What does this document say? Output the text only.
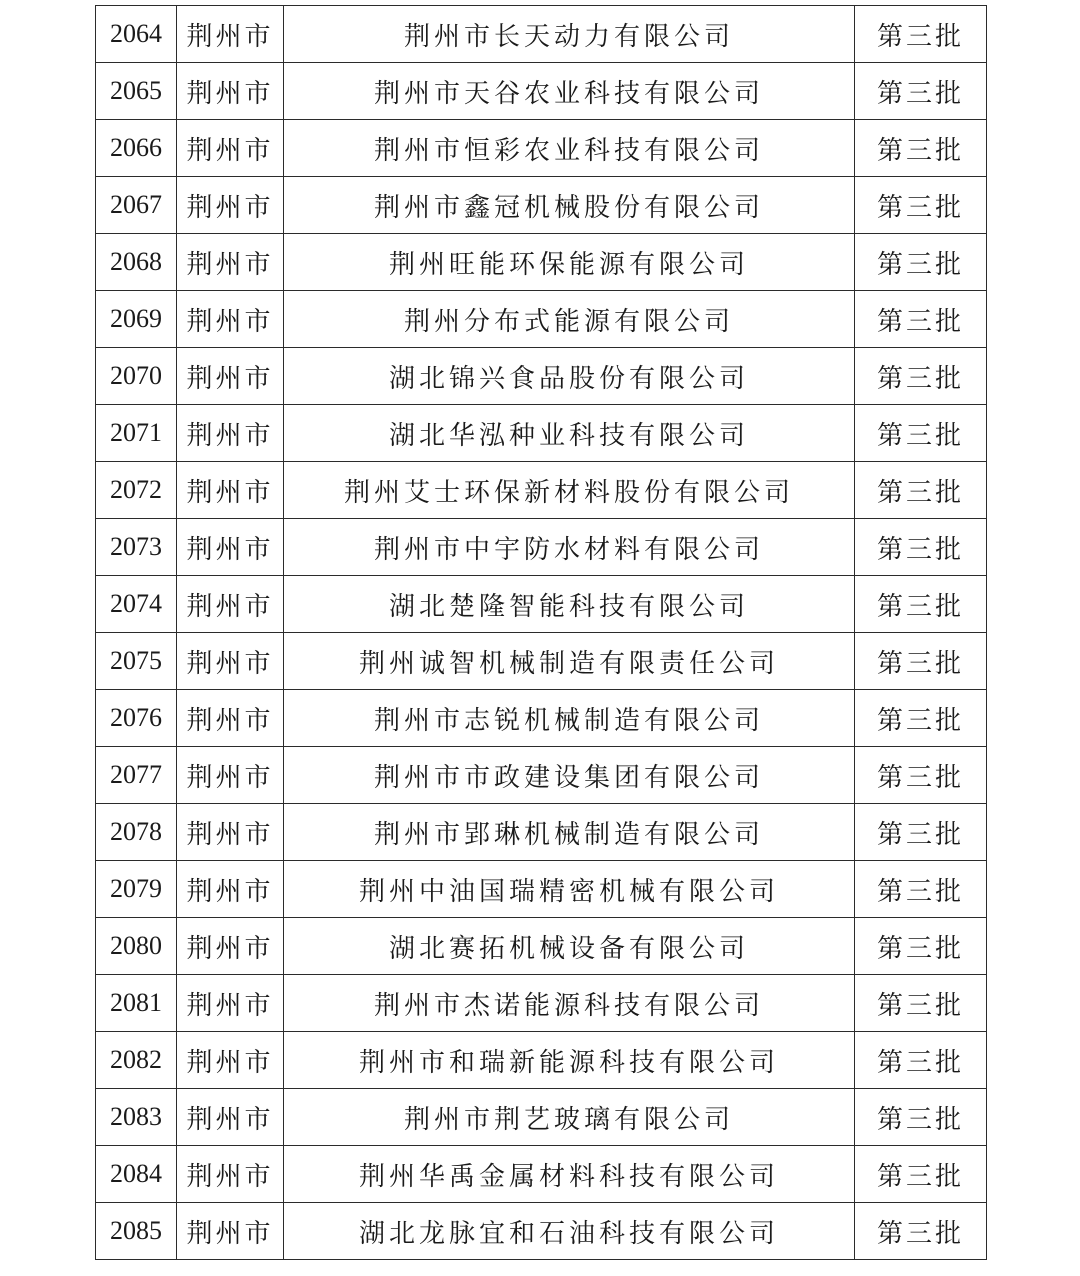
2064	荆州市	荆州市长天动力有限公司	第三批
2065	荆州市	荆州市天谷农业科技有限公司	第三批
2066	荆州市	荆州市恒彩农业科技有限公司	第三批
2067	荆州市	荆州市鑫冠机械股份有限公司	第三批
2068	荆州市	荆州旺能环保能源有限公司	第三批
2069	荆州市	荆州分布式能源有限公司	第三批
2070	荆州市	湖北锦兴食品股份有限公司	第三批
2071	荆州市	湖北华泓种业科技有限公司	第三批
2072	荆州市	荆州艾士环保新材料股份有限公司	第三批
2073	荆州市	荆州市中宇防水材料有限公司	第三批
2074	荆州市	湖北楚隆智能科技有限公司	第三批
2075	荆州市	荆州诚智机械制造有限责任公司	第三批
2076	荆州市	荆州市志锐机械制造有限公司	第三批
2077	荆州市	荆州市市政建设集团有限公司	第三批
2078	荆州市	荆州市郢琳机械制造有限公司	第三批
2079	荆州市	荆州中油国瑞精密机械有限公司	第三批
2080	荆州市	湖北赛拓机械设备有限公司	第三批
2081	荆州市	荆州市杰诺能源科技有限公司	第三批
2082	荆州市	荆州市和瑞新能源科技有限公司	第三批
2083	荆州市	荆州市荆艺玻璃有限公司	第三批
2084	荆州市	荆州华禹金属材料科技有限公司	第三批
2085	荆州市	湖北龙脉宜和石油科技有限公司	第三批
